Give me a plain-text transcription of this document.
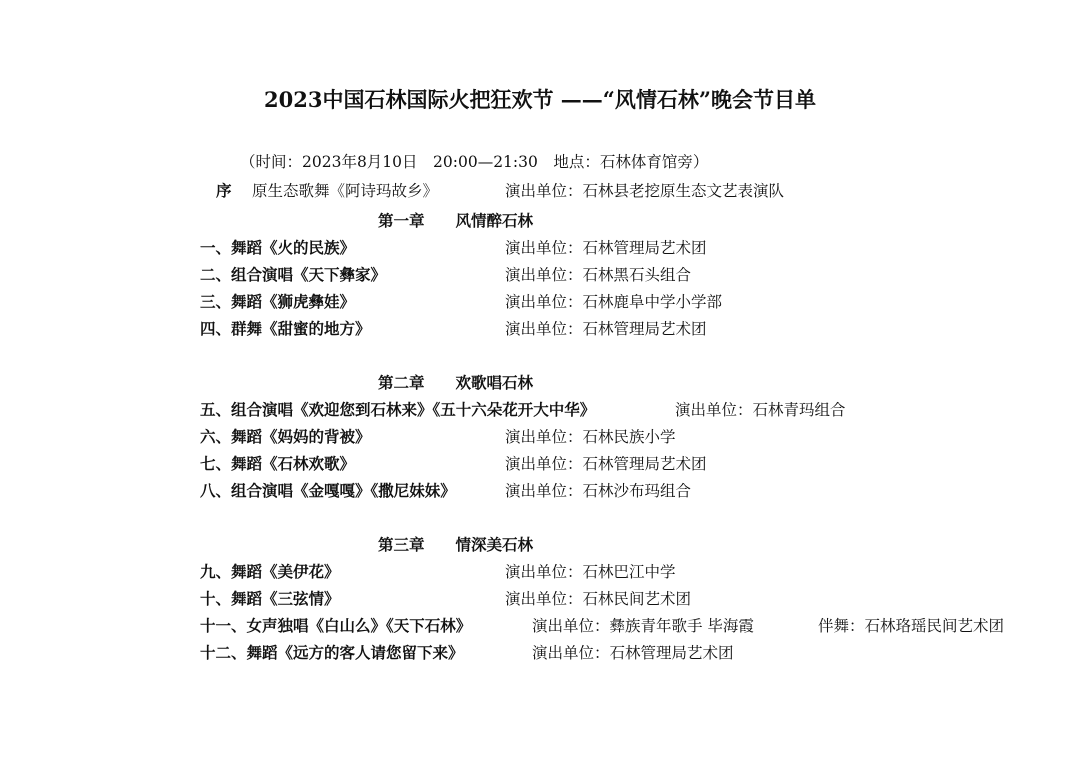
2023中国石林国际火把狂欢节 ——“风情石林”晚会节目单
（时间：2023年8月10日　20:00—21:30　地点：石林体育馆旁）
序 原生态歌舞《阿诗玛故乡》	演出单位：石林县老挖原生态文艺表演队
第一章　　风情醉石林
一、舞蹈《火的民族》	演出单位：石林管理局艺术团
二、组合演唱《天下彝家》	演出单位：石林黑石头组合
三、舞蹈《狮虎彝娃》	演出单位：石林鹿阜中学小学部
四、群舞《甜蜜的地方》	演出单位：石林管理局艺术团
第二章　　欢歌唱石林
五、组合演唱《欢迎您到石林来》《五十六朵花开大中华》	演出单位：石林青玛组合
六、舞蹈《妈妈的背被》	演出单位：石林民族小学
七、舞蹈《石林欢歌》	演出单位：石林管理局艺术团
八、组合演唱《金嘎嘎》《撒尼妹妹》	演出单位：石林沙布玛组合
第三章　　情深美石林
九、舞蹈《美伊花》	演出单位：石林巴江中学
十、舞蹈《三弦情》	演出单位：石林民间艺术团
十一、女声独唱《白山么》《天下石林》	演出单位：彝族青年歌手 毕海霞	伴舞：石林珞瑶民间艺术团
十二、舞蹈《远方的客人请您留下来》	演出单位：石林管理局艺术团
